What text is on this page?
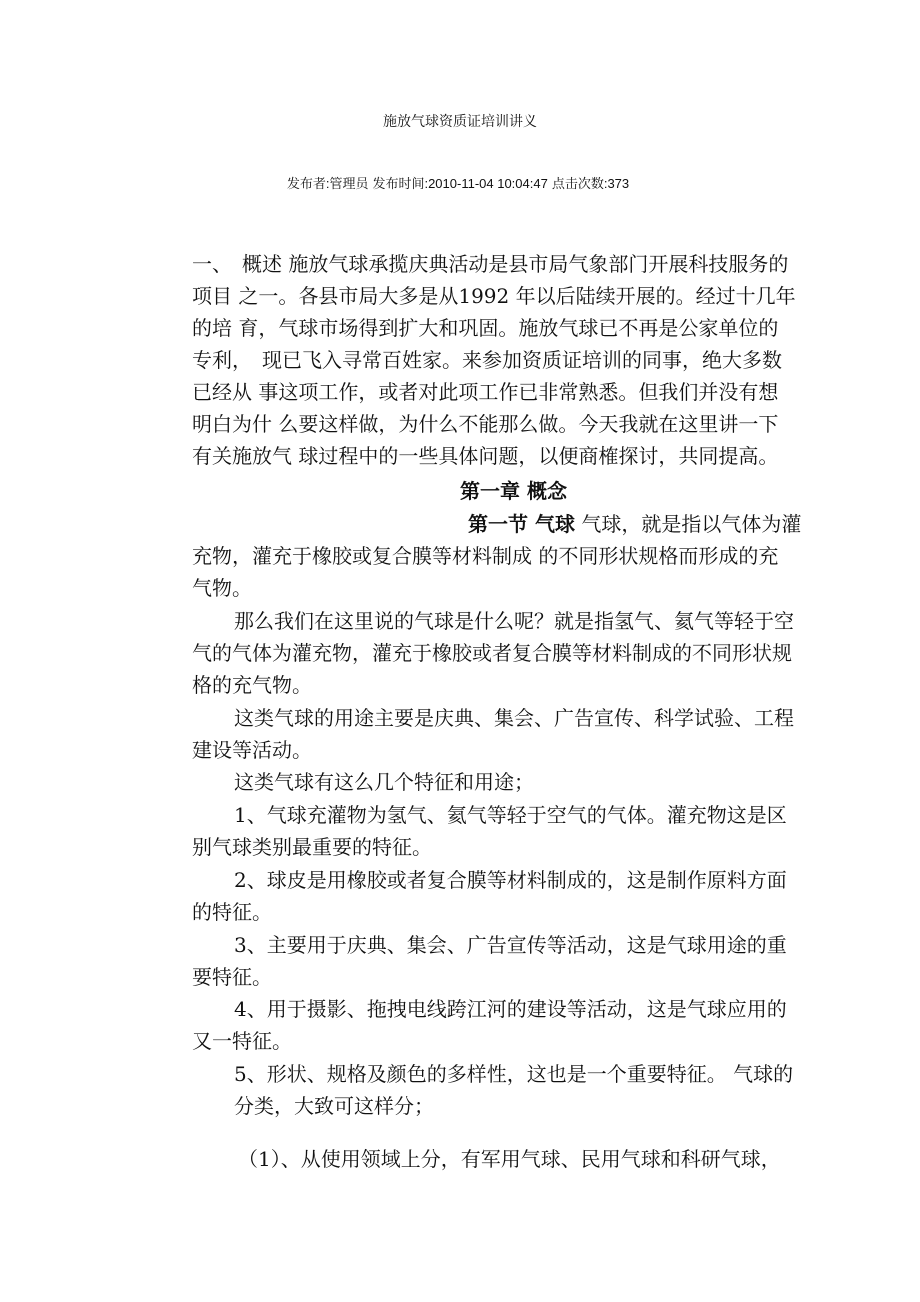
施放气球资质证培训讲义
发布者:管理员 发布时间:2010-11-04 10:04:47 点击次数:373
一、　概述 施放气球承揽庆典活动是县市局气象部门开展科技服务的
项目 之一。各县市局大多是从1992 年以后陆续开展的。经过十几年
的培 育，气球市场得到扩大和巩固。施放气球已不再是公家单位的
专利，　现已飞入寻常百姓家。来参加资质证培训的同事，绝大多数
已经从 事这项工作，或者对此项工作已非常熟悉。但我们并没有想
明白为什 么要这样做，为什么不能那么做。今天我就在这里讲一下
有关施放气 球过程中的一些具体问题，以便商榷探讨，共同提高。
第一章 概念
第一节 气球 气球，就是指以气体为灌
充物，灌充于橡胶或复合膜等材料制成 的不同形状规格而形成的充
气物。
那么我们在这里说的气球是什么呢？就是指氢气、氦气等轻于空
气的气体为灌充物，灌充于橡胶或者复合膜等材料制成的不同形状规
格的充气物。
这类气球的用途主要是庆典、集会、广告宣传、科学试验、工程
建设等活动。
这类气球有这么几个特征和用途；
1、气球充灌物为氢气、氦气等轻于空气的气体。灌充物这是区
别气球类别最重要的特征。
2、球皮是用橡胶或者复合膜等材料制成的，这是制作原料方面
的特征。
3、主要用于庆典、集会、广告宣传等活动，这是气球用途的重
要特征。
4、用于摄影、拖拽电线跨江河的建设等活动，这是气球应用的
又一特征。
5、形状、规格及颜色的多样性，这也是一个重要特征。 气球的
分类，大致可这样分；
（1）、从使用领域上分，有军用气球、民用气球和科研气球，
